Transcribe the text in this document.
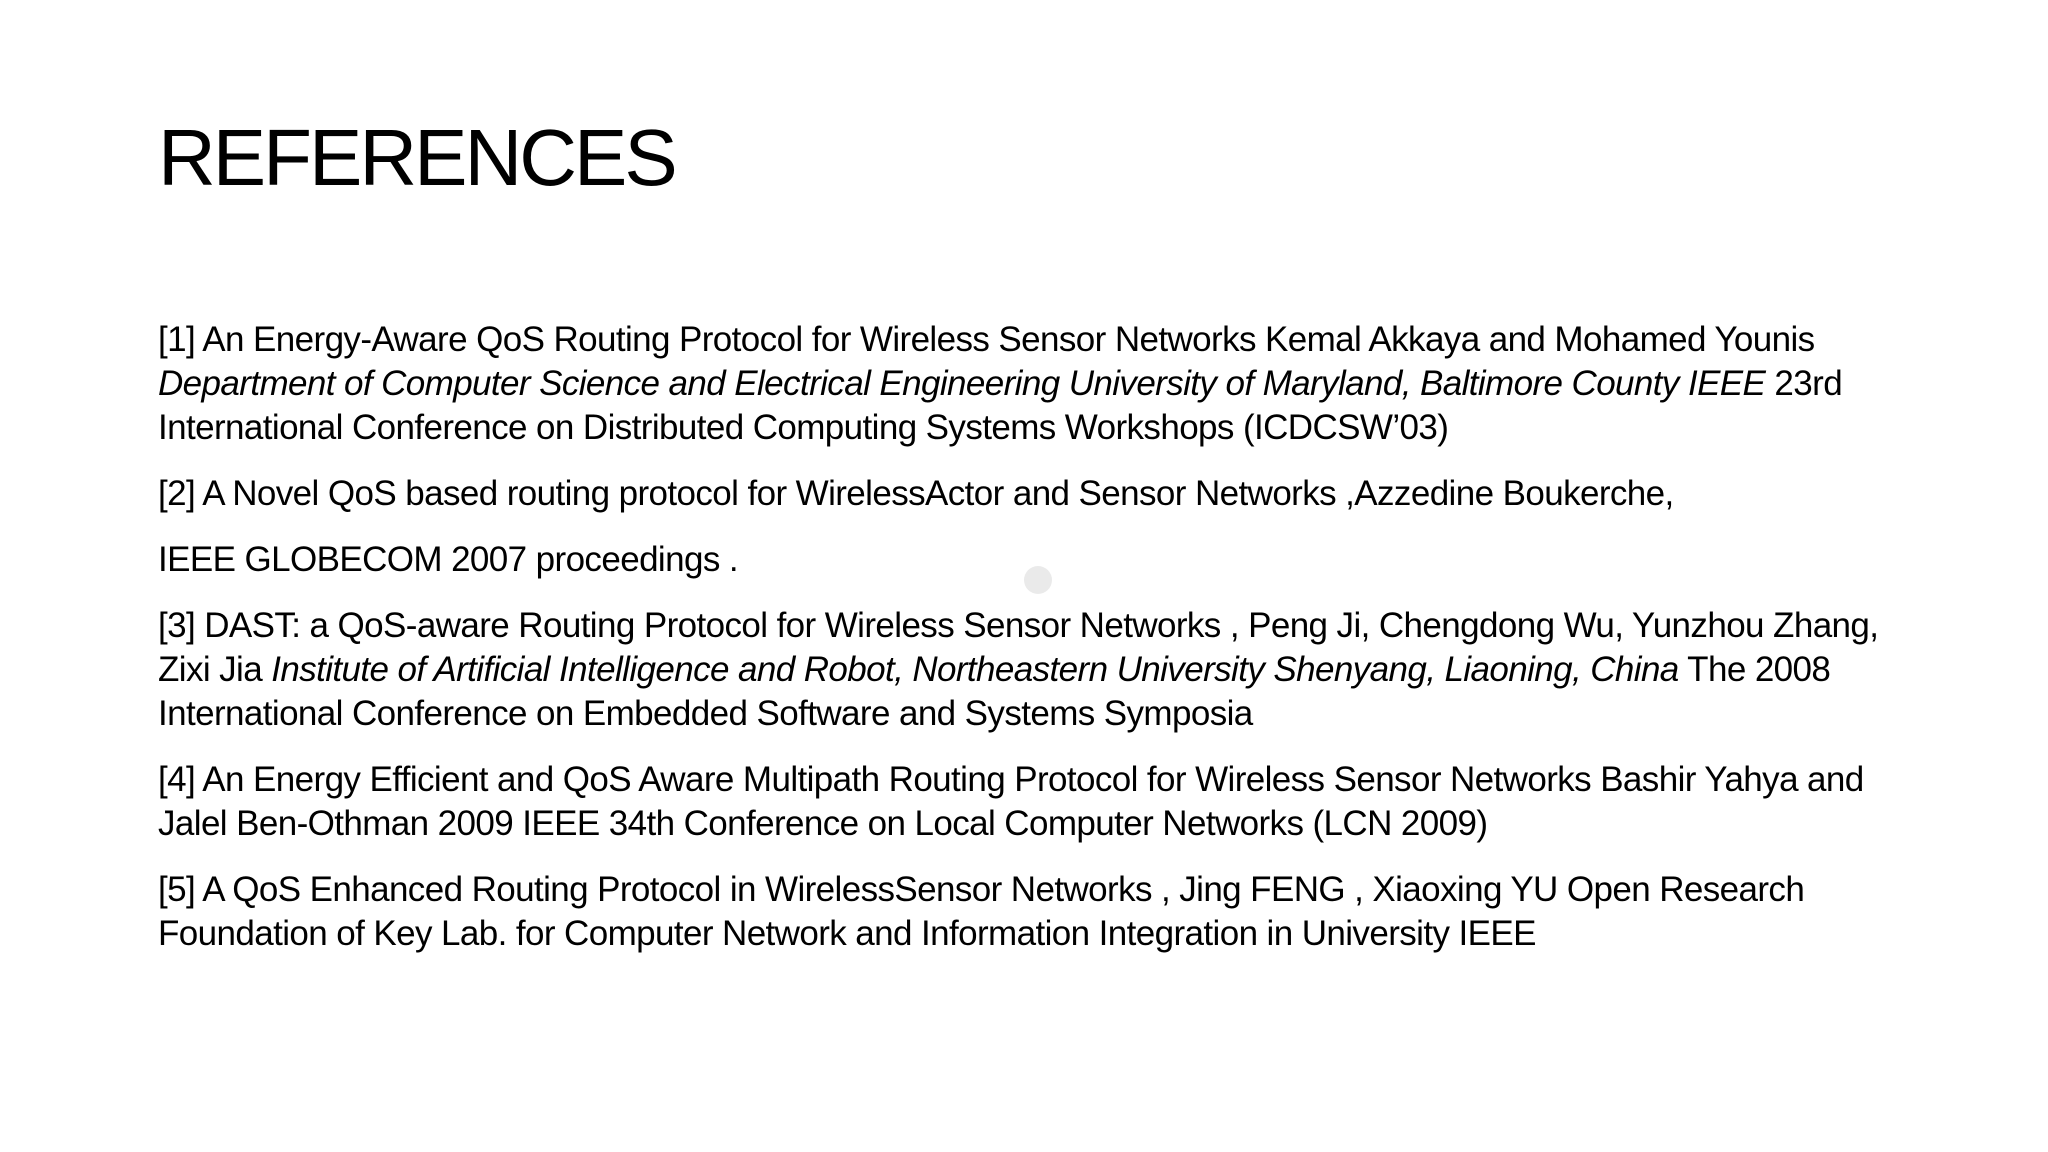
REFERENCES

[1] An Energy-Aware QoS Routing Protocol for Wireless Sensor Networks Kemal Akkaya and Mohamed Younis Department of Computer Science and Electrical Engineering University of Maryland, Baltimore County IEEE 23rd International Conference on Distributed Computing Systems Workshops (ICDCSW’03)

[2] A Novel QoS based routing protocol for WirelessActor and Sensor Networks ,Azzedine Boukerche,

IEEE GLOBECOM 2007 proceedings .

[3] DAST: a QoS-aware Routing Protocol for Wireless Sensor Networks , Peng Ji, Chengdong Wu, Yunzhou Zhang, Zixi Jia Institute of Artificial Intelligence and Robot, Northeastern University Shenyang, Liaoning, China The 2008 International Conference on Embedded Software and Systems Symposia

[4] An Energy Efficient and QoS Aware Multipath Routing Protocol for Wireless Sensor Networks Bashir Yahya and Jalel Ben-Othman 2009 IEEE 34th Conference on Local Computer Networks (LCN 2009)

[5] A QoS Enhanced Routing Protocol in WirelessSensor Networks , Jing FENG , Xiaoxing YU Open Research Foundation of Key Lab. for Computer Network and Information Integration in University IEEE
